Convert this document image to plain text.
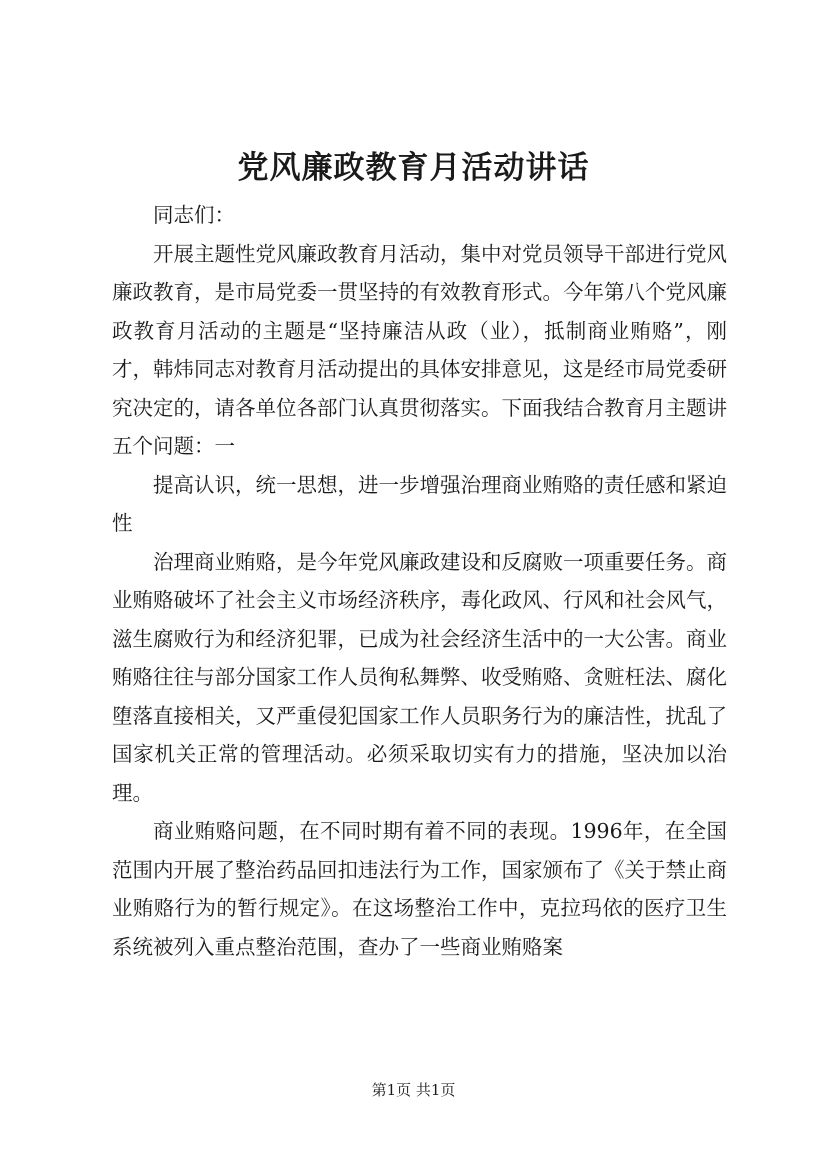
党风廉政教育月活动讲话

同志们：

开展主题性党风廉政教育月活动，集中对党员领导干部进行党风廉政教育，是市局党委一贯坚持的有效教育形式。今年第八个党风廉政教育月活动的主题是“坚持廉洁从政（业），抵制商业贿赂”，刚才，韩炜同志对教育月活动提出的具体安排意见，这是经市局党委研究决定的，请各单位各部门认真贯彻落实。下面我结合教育月主题讲五个问题：一

提高认识，统一思想，进一步增强治理商业贿赂的责任感和紧迫性

治理商业贿赂，是今年党风廉政建设和反腐败一项重要任务。商业贿赂破坏了社会主义市场经济秩序，毒化政风、行风和社会风气，滋生腐败行为和经济犯罪，已成为社会经济生活中的一大公害。商业贿赂往往与部分国家工作人员徇私舞弊、收受贿赂、贪赃枉法、腐化堕落直接相关，又严重侵犯国家工作人员职务行为的廉洁性，扰乱了国家机关正常的管理活动。必须采取切实有力的措施，坚决加以治理。

商业贿赂问题，在不同时期有着不同的表现。1996年，在全国范围内开展了整治药品回扣违法行为工作，国家颁布了《关于禁止商业贿赂行为的暂行规定》。在这场整治工作中，克拉玛依的医疗卫生系统被列入重点整治范围，查办了一些商业贿赂案

第1页 共1页
